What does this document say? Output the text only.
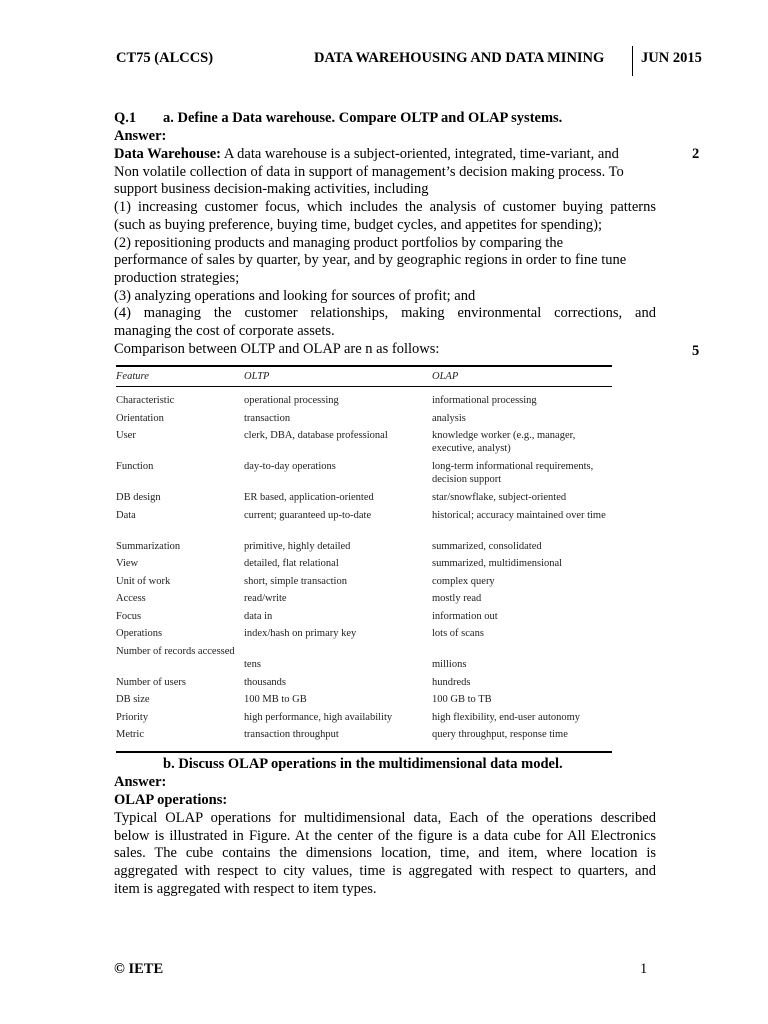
CT75 (ALCCS)	DATA WAREHOUSING AND DATA MINING	JUN 2015
Q.1 a. Define a Data warehouse. Compare OLTP and OLAP systems.
Answer:
Data Warehouse: A data warehouse is a subject-oriented, integrated, time-variant, and
Non volatile collection of data in support of management’s decision making process. To
support business decision-making activities, including
(1) increasing customer focus, which includes the analysis of customer buying patterns
(such as buying preference, buying time, budget cycles, and appetites for spending);
(2) repositioning products and managing product portfolios by comparing the
performance of sales by quarter, by year, and by geographic regions in order to fine tune
production strategies;
(3) analyzing operations and looking for sources of profit; and
(4) managing the customer relationships, making environmental corrections, and
managing the cost of corporate assets.
Comparison between OLTP and OLAP are n as follows:
2
5
Feature	OLTP	OLAP
Characteristic	operational processing	informational processing
Orientation	transaction	analysis
User	clerk, DBA, database professional	knowledge worker (e.g., manager, executive, analyst)
Function	day-to-day operations	long-term informational requirements, decision support
DB design	ER based, application-oriented	star/snowflake, subject-oriented
Data	current; guaranteed up-to-date	historical; accuracy maintained over time
Summarization	primitive, highly detailed	summarized, consolidated
View	detailed, flat relational	summarized, multidimensional
Unit of work	short, simple transaction	complex query
Access	read/write	mostly read
Focus	data in	information out
Operations	index/hash on primary key	lots of scans
Number of records accessed
tens	millions
Number of users	thousands	hundreds
DB size	100 MB to GB	100 GB to TB
Priority	high performance, high availability	high flexibility, end-user autonomy
Metric	transaction throughput	query throughput, response time
b. Discuss OLAP operations in the multidimensional data model.
Answer:
OLAP operations:
Typical OLAP operations for multidimensional data, Each of the operations described
below is illustrated in Figure. At the center of the figure is a data cube for All Electronics
sales. The cube contains the dimensions location, time, and item, where location is
aggregated with respect to city values, time is aggregated with respect to quarters, and
item is aggregated with respect to item types.
© IETE	1
